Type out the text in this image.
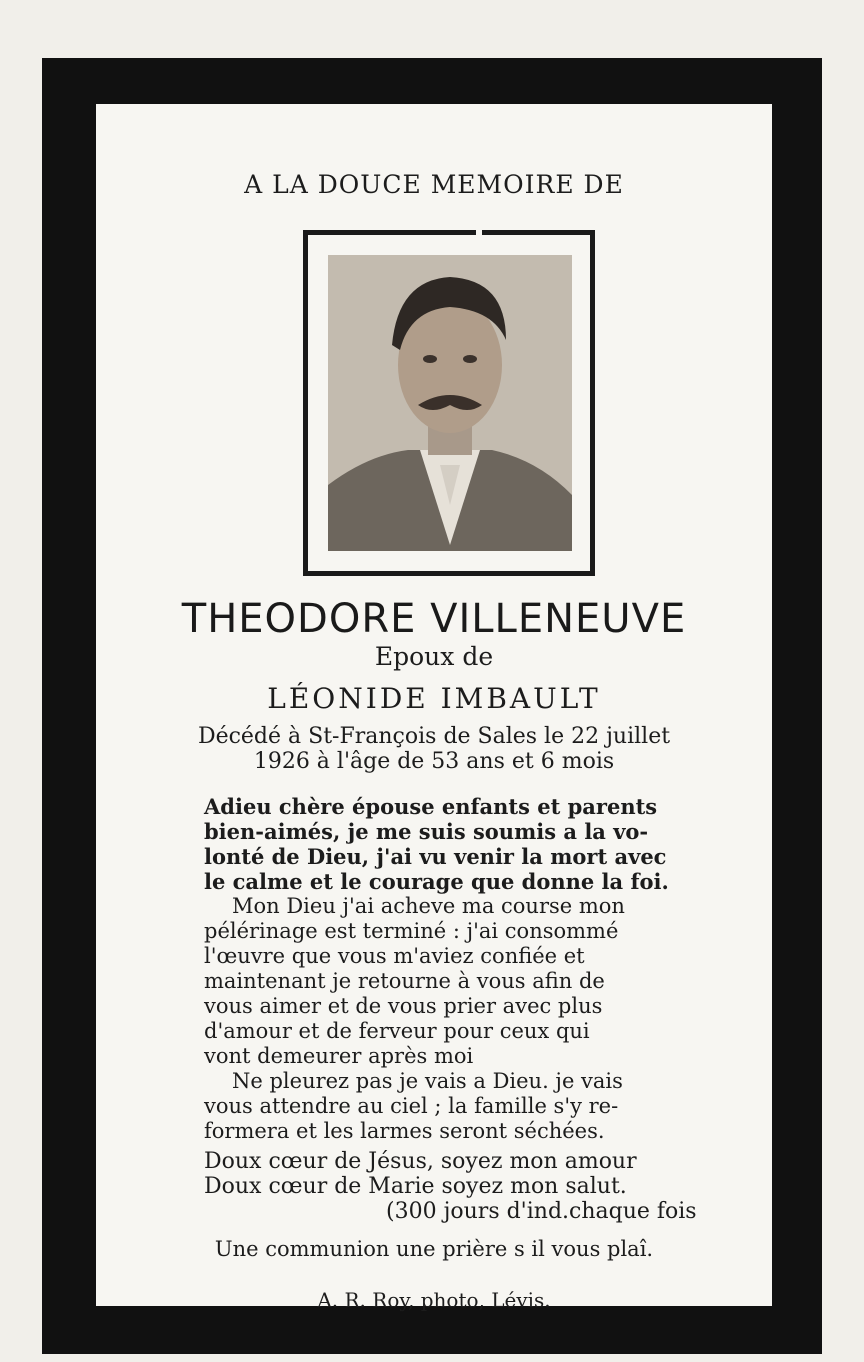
A LA DOUCE MEMOIRE DE
THEODORE VILLENEUVE
Epoux de
LÉONIDE IMBAULT
Décédé à St-François de Sales le 22 juillet
1926 à l'âge de 53 ans et 6 mois
Adieu chère épouse enfants et parents
bien-aimés, je me suis soumis a la vo-
lonté de Dieu, j'ai vu venir la mort avec
le calme et le courage que donne la foi.
Mon Dieu j'ai acheve ma course mon
pélérinage est terminé : j'ai consommé
l'œuvre que vous m'aviez confiée et
maintenant je retourne à vous afin de
vous aimer et de vous prier avec plus
d'amour et de ferveur pour ceux qui
vont demeurer après moi
Ne pleurez pas je vais a Dieu. je vais
vous attendre au ciel ; la famille s'y re-
formera et les larmes seront séchées.
Doux cœur de Jésus, soyez mon amour
Doux cœur de Marie soyez mon salut.
(300 jours d'ind.chaque fois
Une communion une prière s il vous plaî.
A. R. Roy, photo, Lévis.
